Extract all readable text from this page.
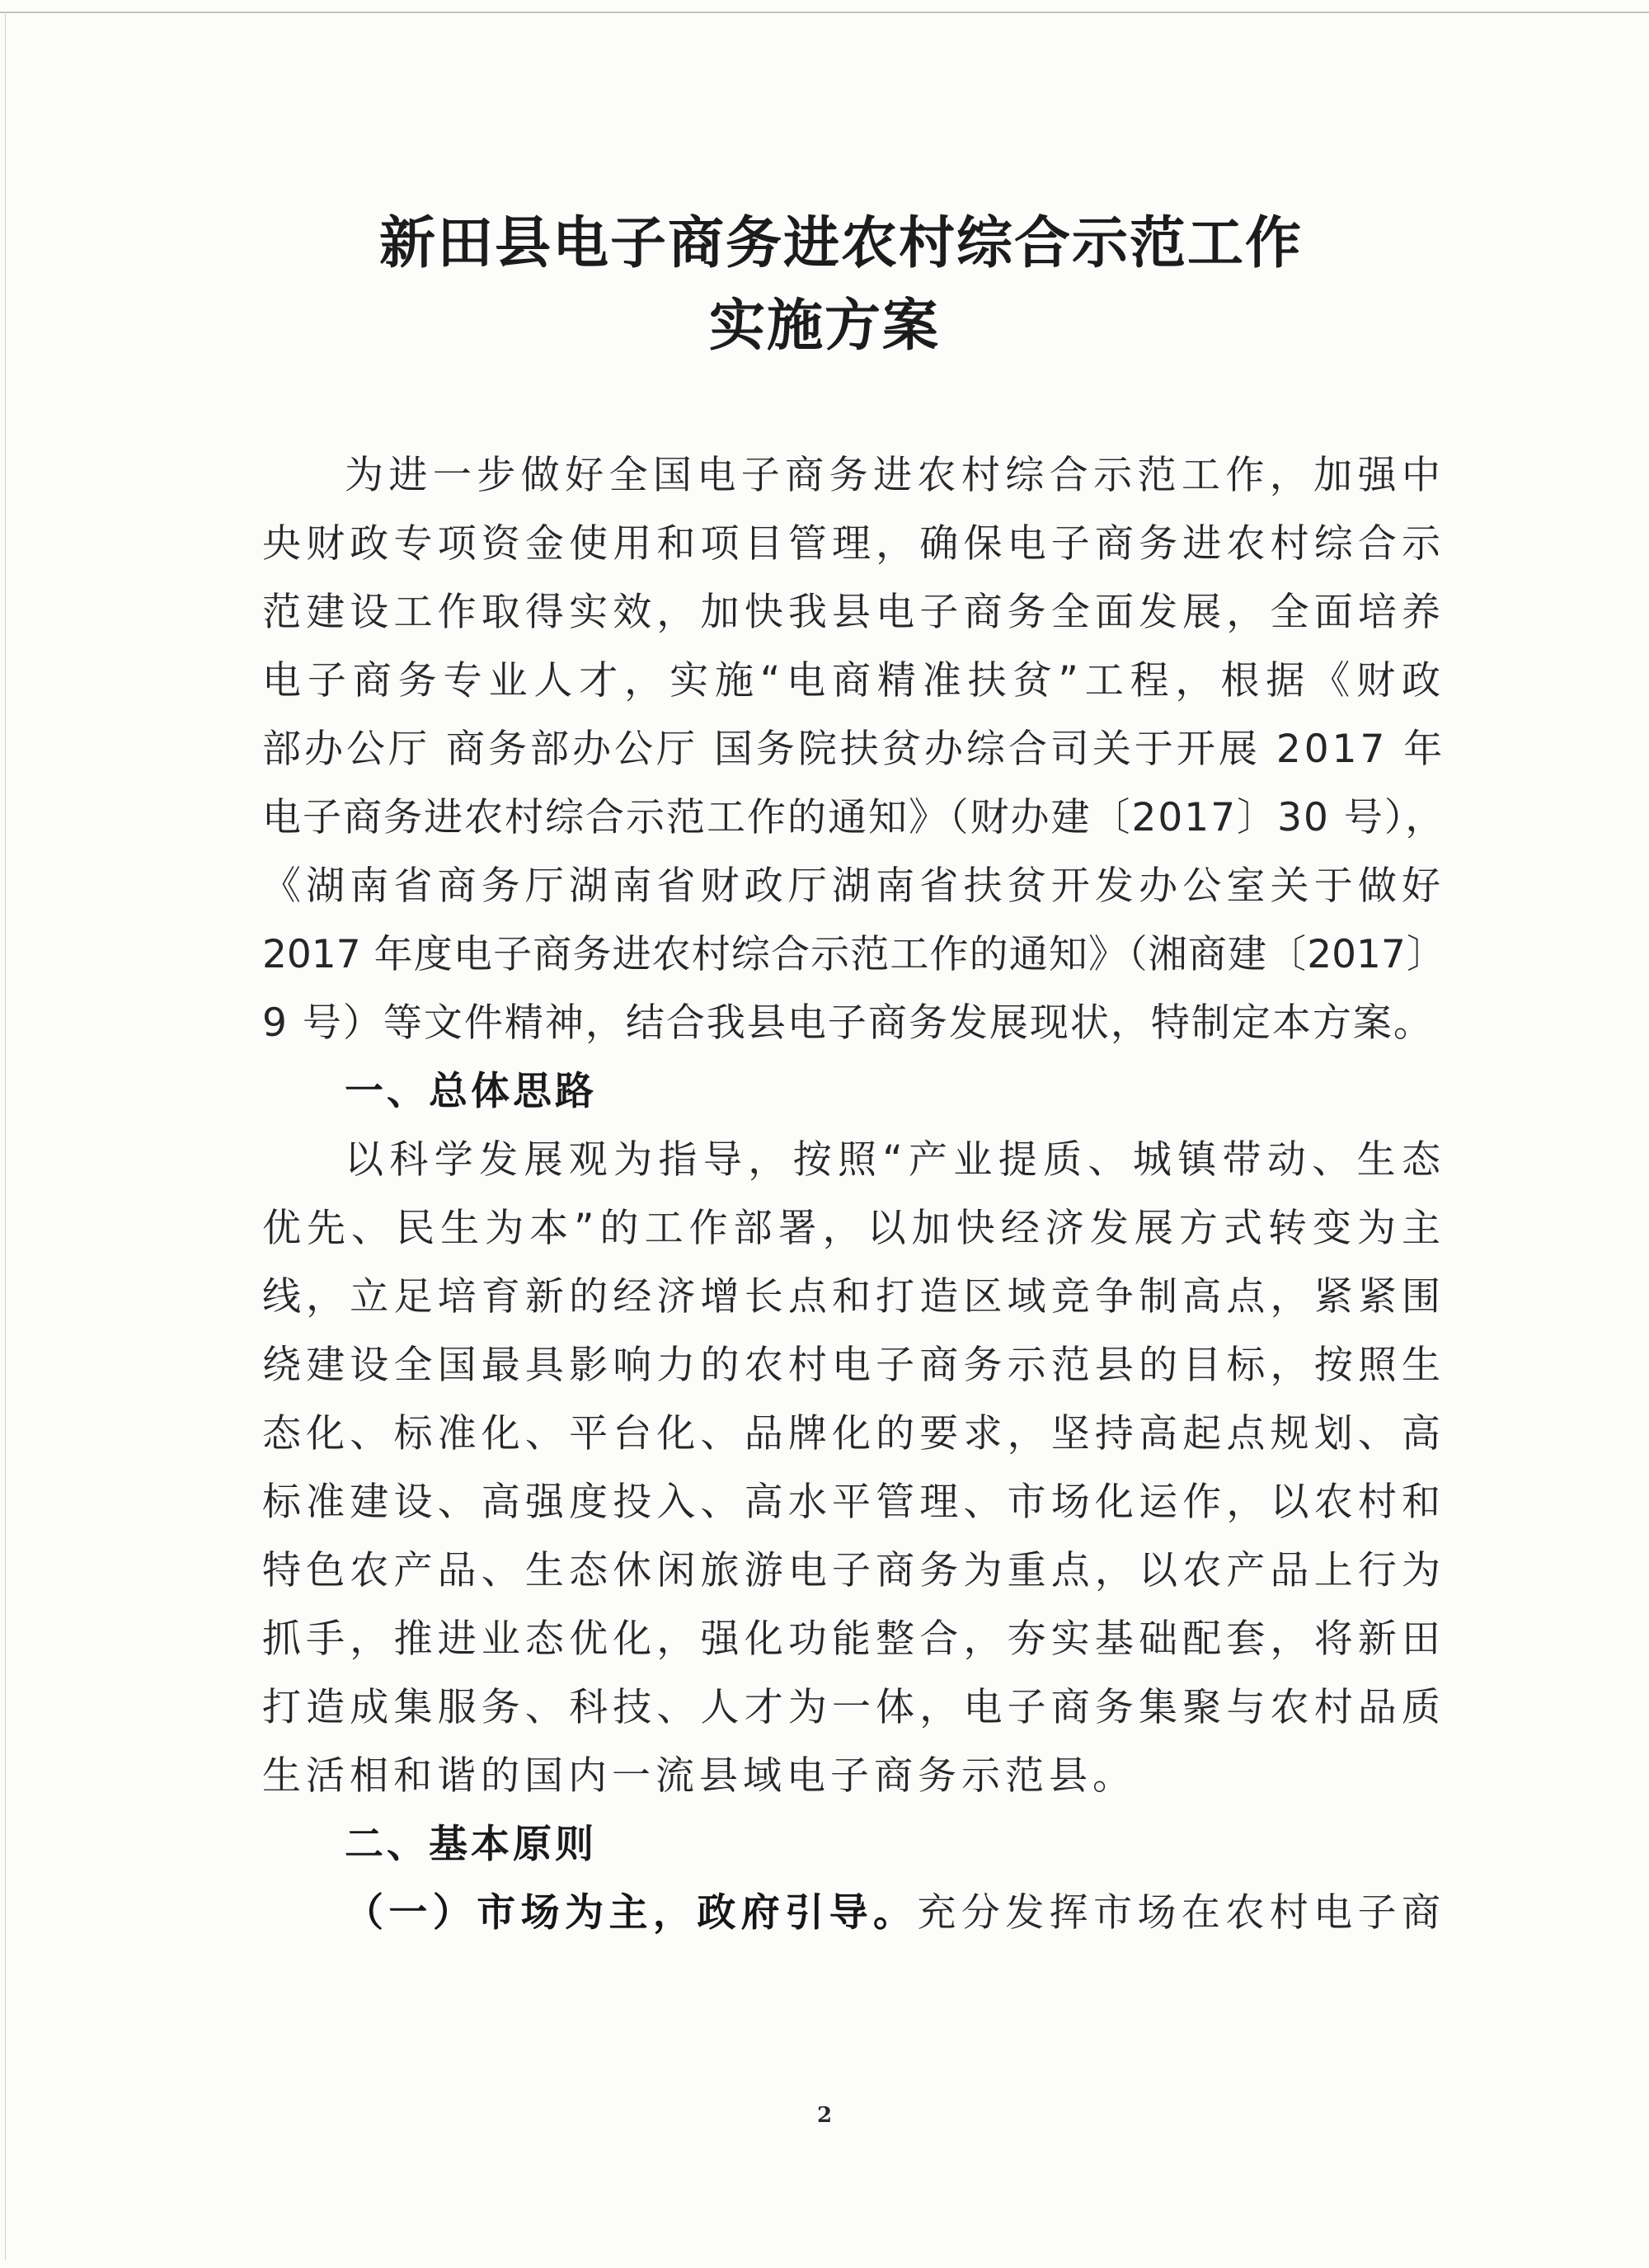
新田县电子商务进农村综合示范工作
实施方案
为进一步做好全国电子商务进农村综合示范工作，加强中
央财政专项资金使用和项目管理，确保电子商务进农村综合示
范建设工作取得实效，加快我县电子商务全面发展，全面培养
电子商务专业人才，实施“电商精准扶贫”工程，根据《财政
部办公厅 商务部办公厅 国务院扶贫办综合司关于开展 2017 年
电子商务进农村综合示范工作的通知》（财办建〔2017〕30 号），
《湖南省商务厅湖南省财政厅湖南省扶贫开发办公室关于做好
2017 年度电子商务进农村综合示范工作的通知》（湘商建〔2017〕
9 号）等文件精神，结合我县电子商务发展现状，特制定本方案。
一、总体思路
以科学发展观为指导，按照“产业提质、城镇带动、生态
优先、民生为本”的工作部署，以加快经济发展方式转变为主
线，立足培育新的经济增长点和打造区域竞争制高点，紧紧围
绕建设全国最具影响力的农村电子商务示范县的目标，按照生
态化、标准化、平台化、品牌化的要求，坚持高起点规划、高
标准建设、高强度投入、高水平管理、市场化运作，以农村和
特色农产品、生态休闲旅游电子商务为重点，以农产品上行为
抓手，推进业态优化，强化功能整合，夯实基础配套，将新田
打造成集服务、科技、人才为一体，电子商务集聚与农村品质
生活相和谐的国内一流县域电子商务示范县。
二、基本原则
（一）市场为主，政府引导。充分发挥市场在农村电子商
2
